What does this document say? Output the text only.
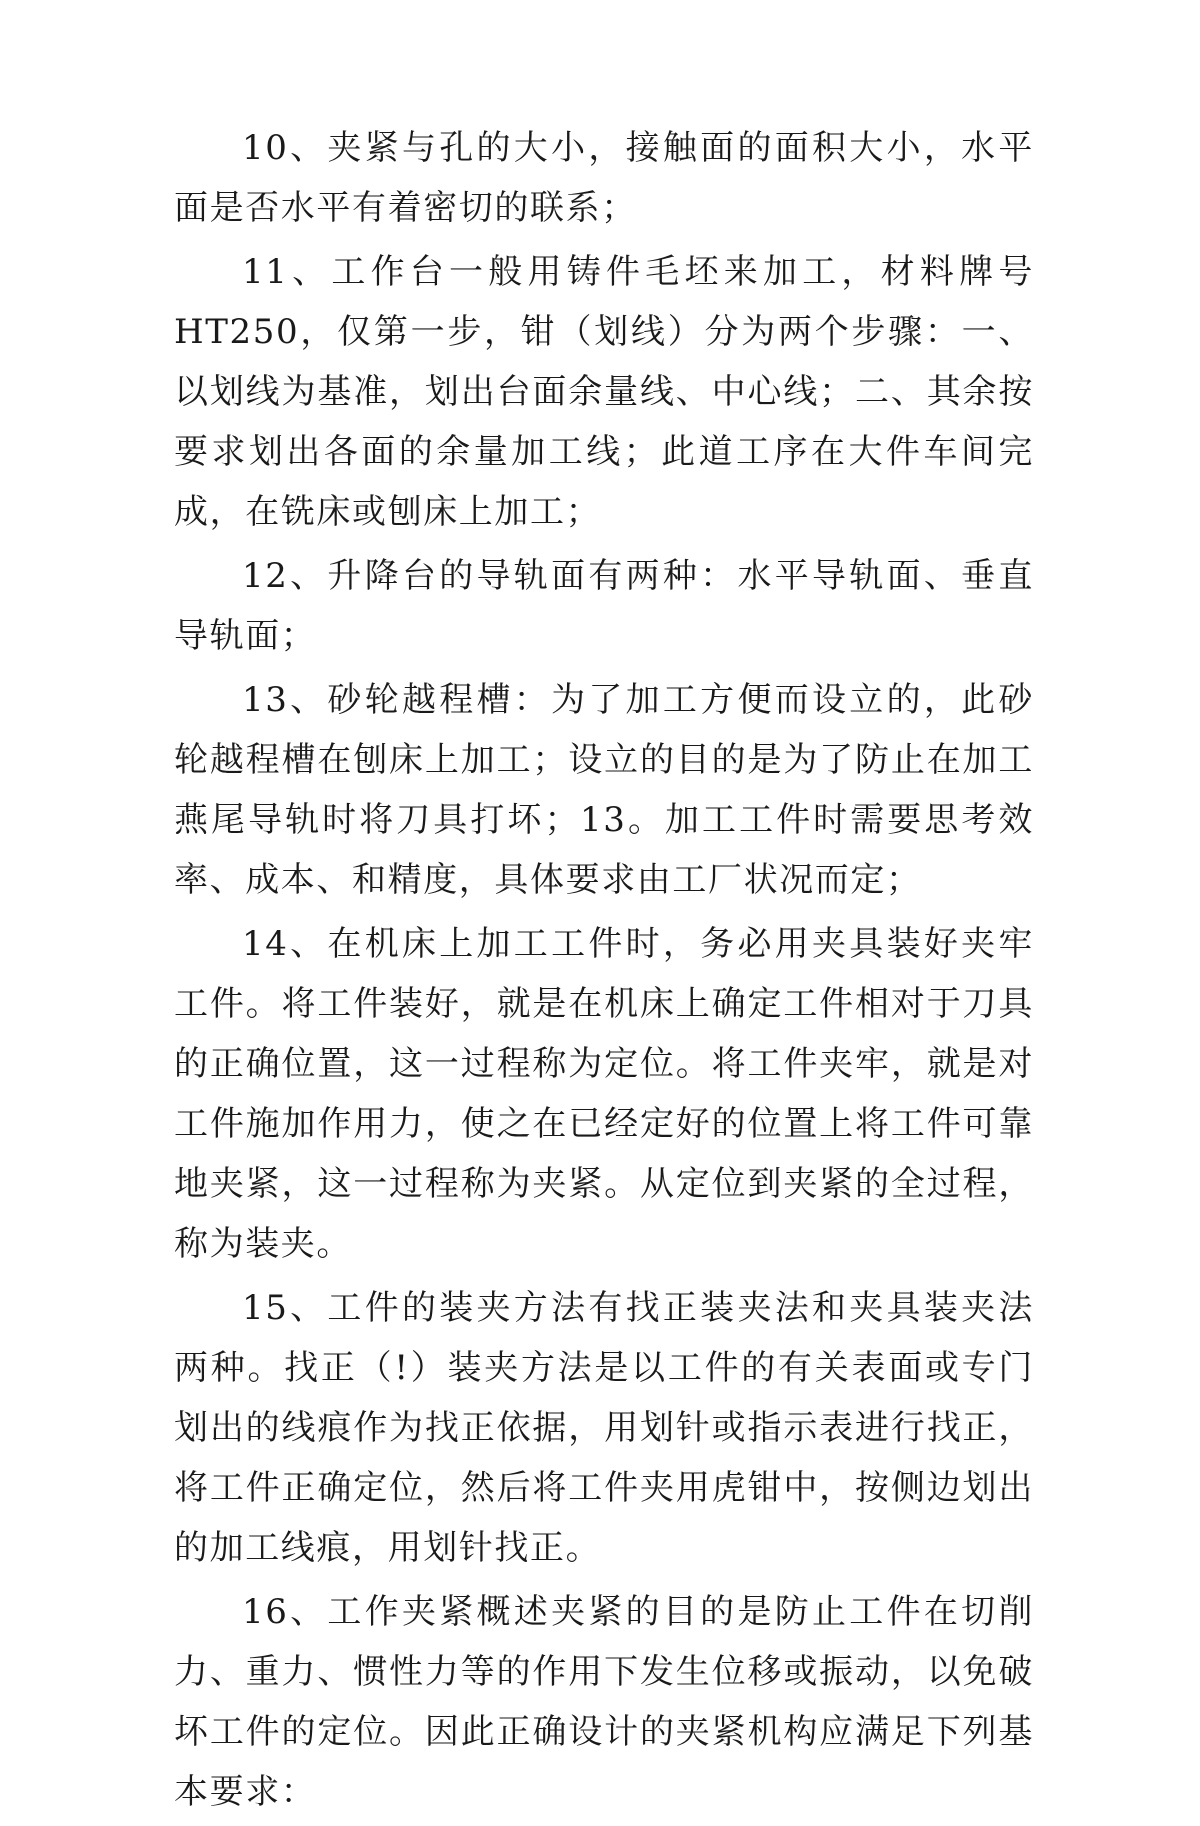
10、夹紧与孔的大小，接触面的面积大小，水平面是否水平有着密切的联系；

11、工作台一般用铸件毛坯来加工，材料牌号HT250，仅第一步，钳（划线）分为两个步骤：一、以划线为基准，划出台面余量线、中心线；二、其余按要求划出各面的余量加工线；此道工序在大件车间完成，在铣床或刨床上加工；

12、升降台的导轨面有两种：水平导轨面、垂直导轨面；

13、砂轮越程槽：为了加工方便而设立的，此砂轮越程槽在刨床上加工；设立的目的是为了防止在加工燕尾导轨时将刀具打坏；13。加工工件时需要思考效率、成本、和精度，具体要求由工厂状况而定；

14、在机床上加工工件时，务必用夹具装好夹牢工件。将工件装好，就是在机床上确定工件相对于刀具的正确位置，这一过程称为定位。将工件夹牢，就是对工件施加作用力，使之在已经定好的位置上将工件可靠地夹紧，这一过程称为夹紧。从定位到夹紧的全过程，称为装夹。

15、工件的装夹方法有找正装夹法和夹具装夹法两种。找正（!）装夹方法是以工件的有关表面或专门划出的线痕作为找正依据，用划针或指示表进行找正，将工件正确定位，然后将工件夹用虎钳中，按侧边划出的加工线痕，用划针找正。

16、工作夹紧概述夹紧的目的是防止工件在切削力、重力、惯性力等的作用下发生位移或振动，以免破坏工件的定位。因此正确设计的夹紧机构应满足下列基本要求：
